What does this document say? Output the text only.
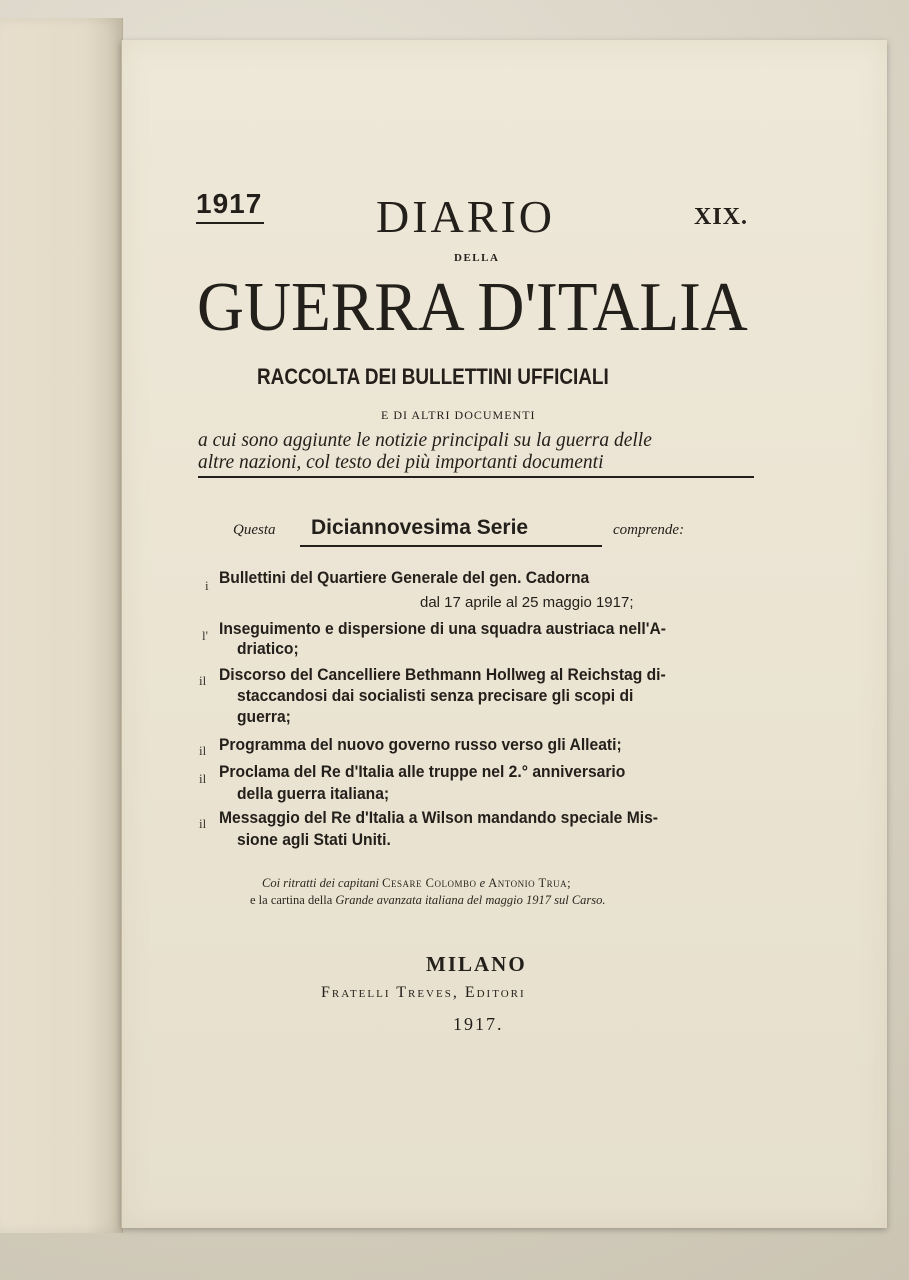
1917 DIARIO	XIX.
DELLA
GUERRA D'ITALIA
RACCOLTA DEI BULLETTINI UFFICIALI
E DI ALTRI DOCUMENTI
a cui sono aggiunte le notizie principali su la guerra delle
altre nazioni, col testo dei più importanti documenti
Questa Diciannovesima Serie	comprende:
i Bullettini del Quartiere Generale del gen. Cadorna
dal 17 aprile al 25 maggio 1917;
l' Inseguimento e dispersione di una squadra austriaca nell'A-
driatico;
il Discorso del Cancelliere Bethmann Hollweg al Reichstag di-
staccandosi dai socialisti senza precisare gli scopi di
guerra;
il Programma del nuovo governo russo verso gli Alleati;
il Proclama del Re d'Italia alle truppe nel 2.° anniversario
della guerra italiana;
il Messaggio del Re d'Italia a Wilson mandando speciale Mis-
sione agli Stati Uniti.
Coi ritratti dei capitani Cesare Colombo e Antonio Trua;
e la cartina della Grande avanzata italiana del maggio 1917 sul Carso.
MILANO
Fratelli Treves, Editori
1917.
